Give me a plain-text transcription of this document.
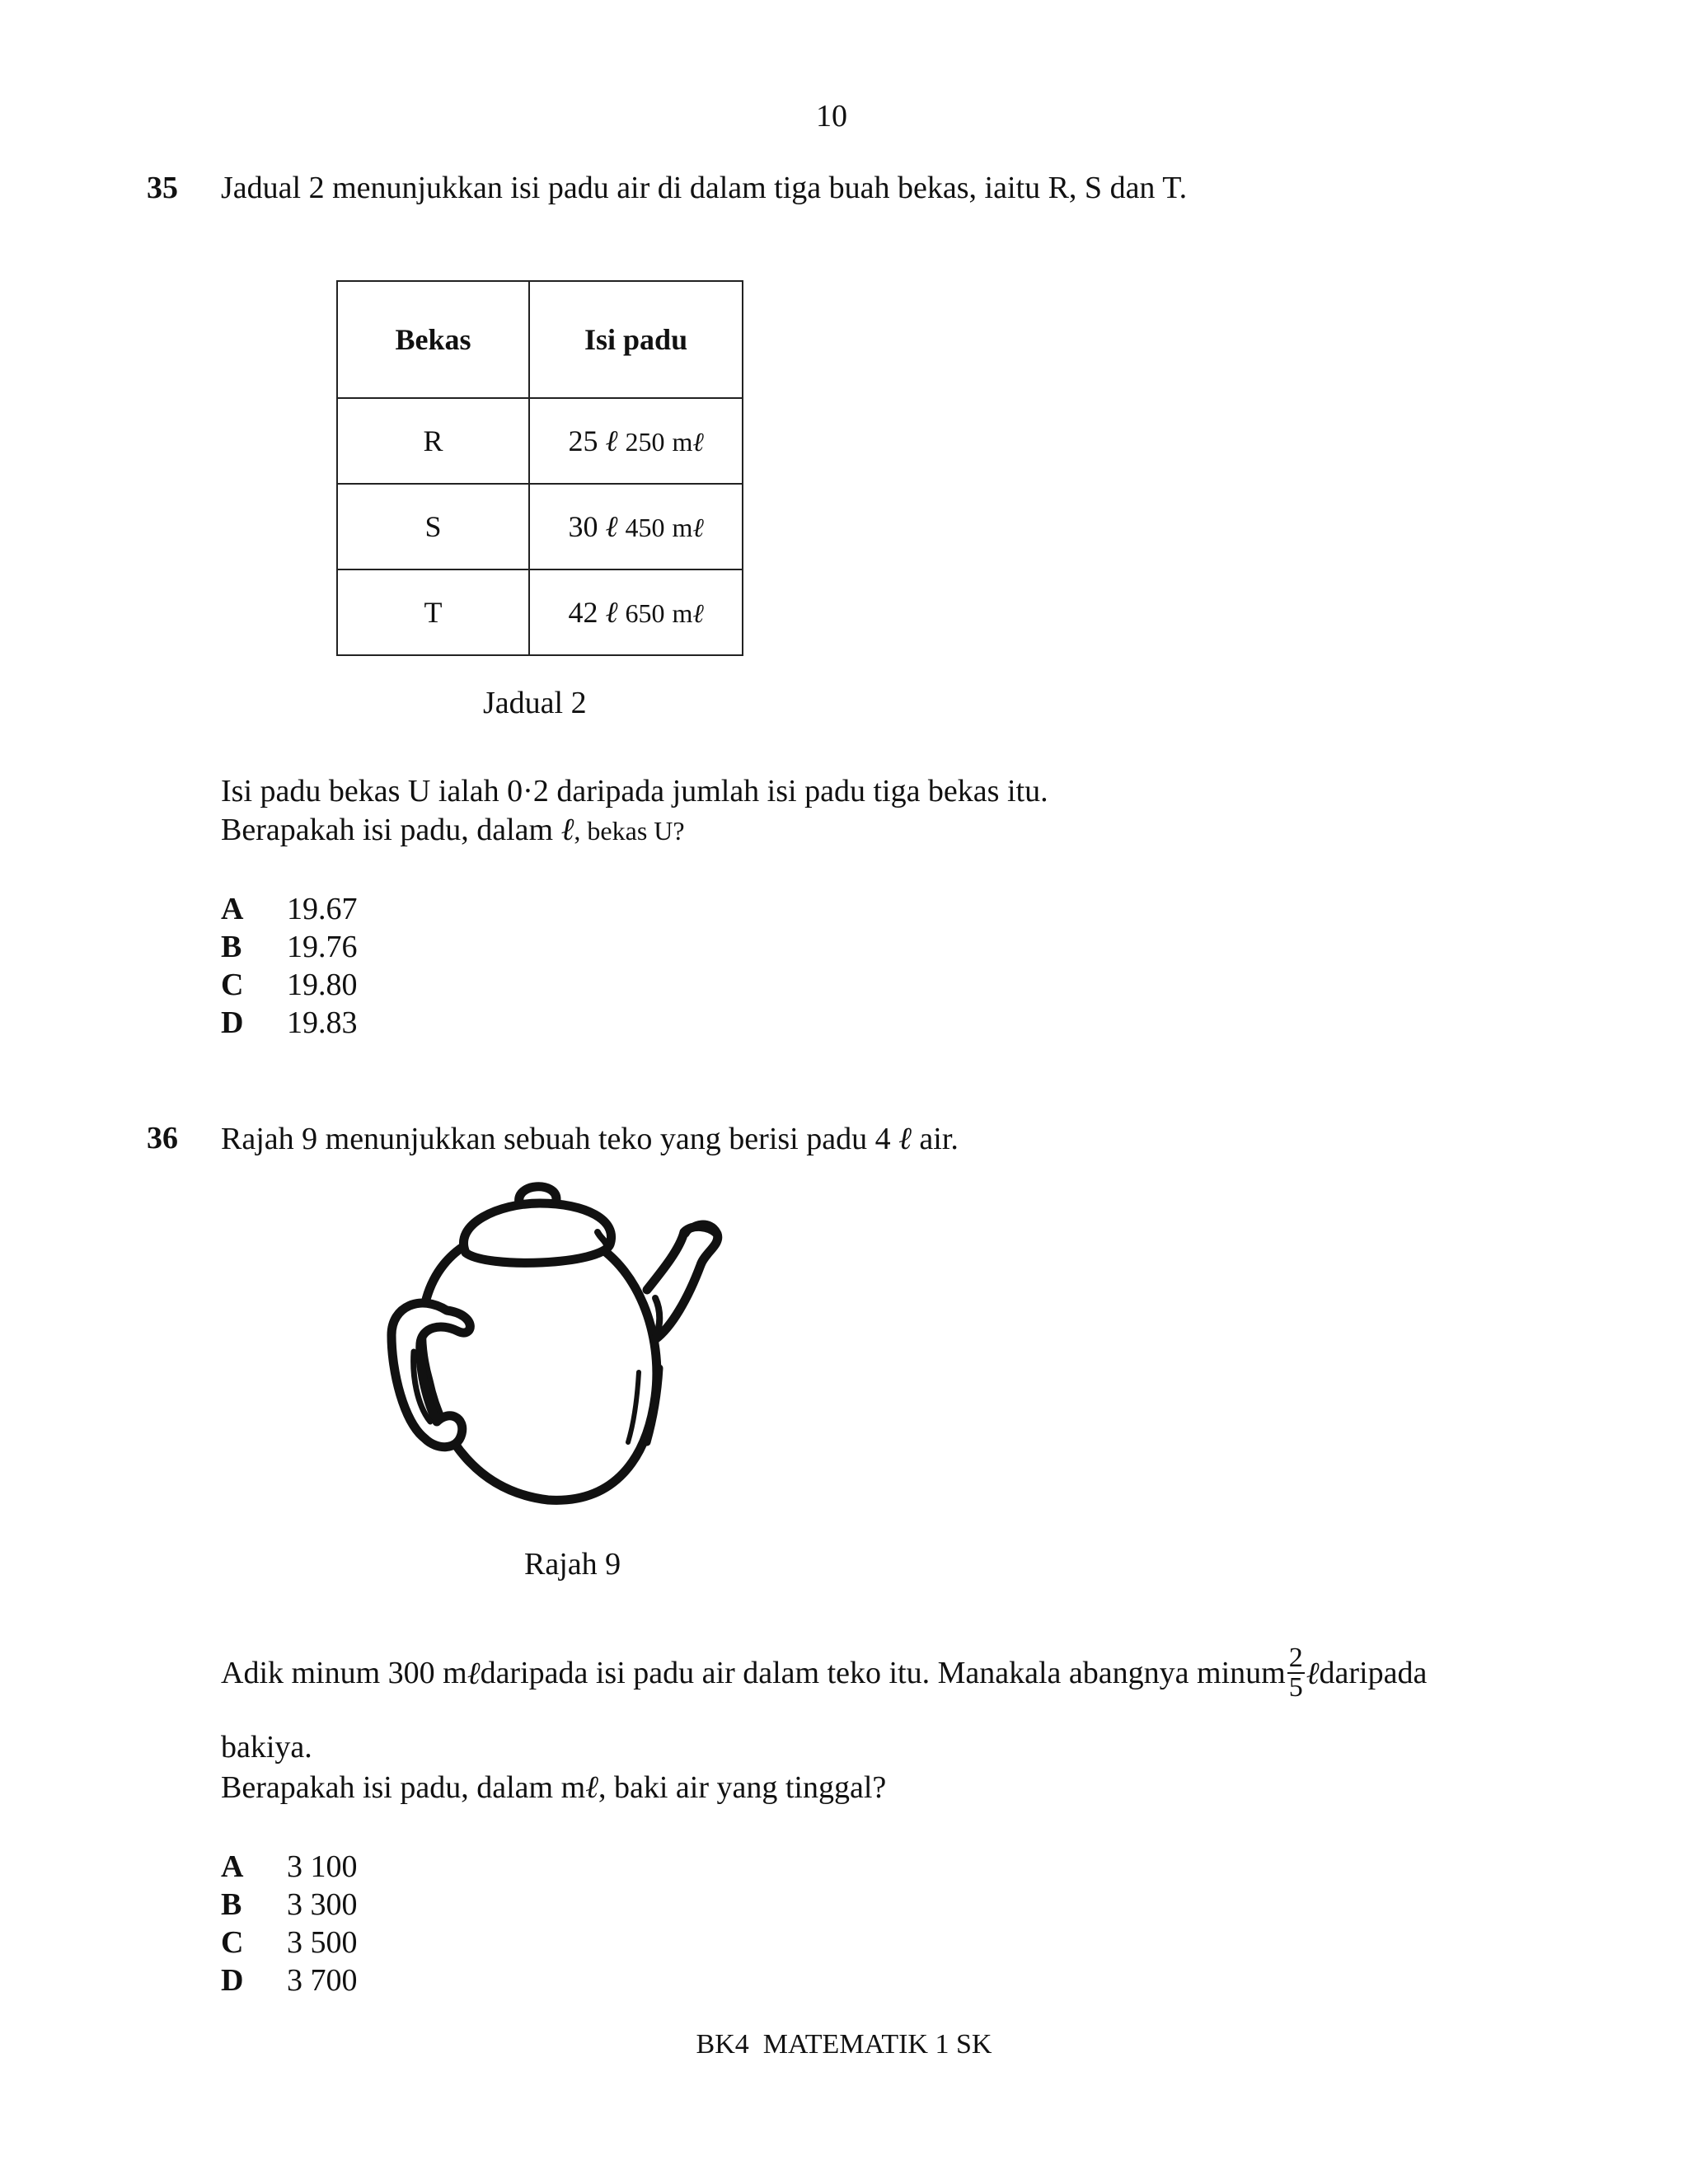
10
35 Jadual 2 menunjukkan isi padu air di dalam tiga buah bekas, iaitu R, S dan T.
Bekas	Isi padu
R	25 ℓ 250 mℓ
S	30 ℓ 450 mℓ
T	42 ℓ 650 mℓ
Jadual 2
Isi padu bekas U ialah 0·2 daripada jumlah isi padu tiga bekas itu.
Berapakah isi padu, dalam ℓ, bekas U?
A 19.67
B 19.76
C 19.80
D 19.83
36 Rajah 9 menunjukkan sebuah teko yang berisi padu 4 ℓ air.
Rajah 9
Adik minum 300 m ℓ daripada isi padu air dalam teko itu. Manakala abangnya minum $\frac{2}{5}$ ℓ daripada
bakiya.
Berapakah isi padu, dalam mℓ, baki air yang tinggal?
A 3 100
B 3 300
C 3 500
D 3 700
BK4  MATEMATIK 1 SK
